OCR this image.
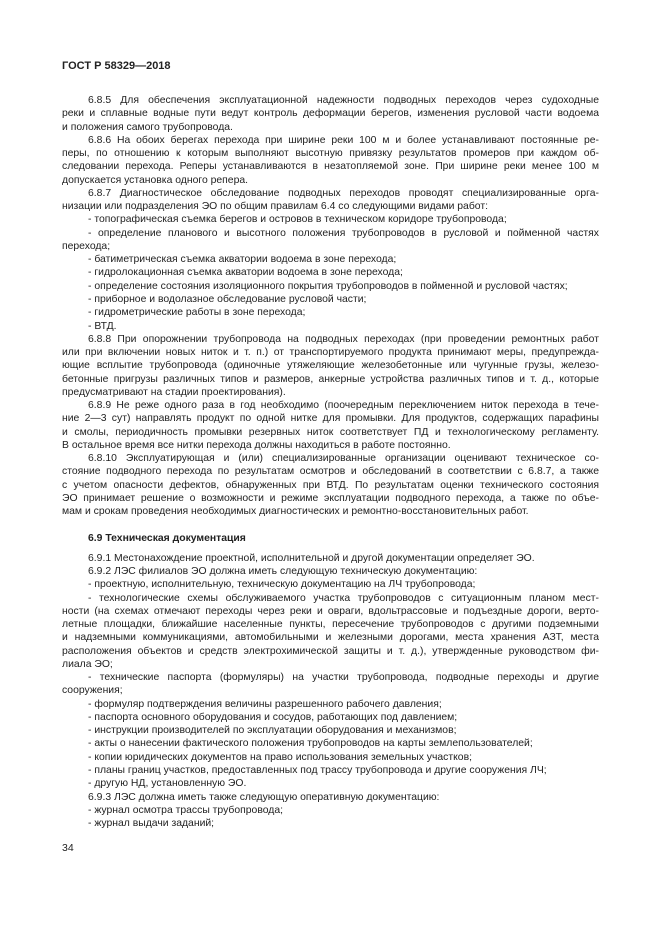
ГОСТ Р 58329—2018
6.8.5 Для обеспечения эксплуатационной надежности подводных переходов через судоходные
реки и сплавные водные пути ведут контроль деформации берегов, изменения русловой части водоема
и положения самого трубопровода.
6.8.6 На обоих берегах перехода при ширине реки 100 м и более устанавливают постоянные ре-
перы, по отношению к которым выполняют высотную привязку результатов промеров при каждом об-
следовании перехода. Реперы устанавливаются в незатопляемой зоне. При ширине реки менее 100 м
допускается установка одного репера.
6.8.7 Диагностическое обследование подводных переходов проводят специализированные орга-
низации или подразделения ЭО по общим правилам 6.4 со следующими видами работ:
- топографическая съемка берегов и островов в техническом коридоре трубопровода;
- определение планового и высотного положения трубопроводов в русловой и пойменной частях
перехода;
- батиметрическая съемка акватории водоема в зоне перехода;
- гидролокационная съемка акватории водоема в зоне перехода;
- определение состояния изоляционного покрытия трубопроводов в пойменной и русловой частях;
- приборное и водолазное обследование русловой части;
- гидрометрические работы в зоне перехода;
- ВТД.
6.8.8 При опорожнении трубопровода на подводных переходах (при проведении ремонтных работ
или при включении новых ниток и т. п.) от транспортируемого продукта принимают меры, предупрежда-
ющие всплытие трубопровода (одиночные утяжеляющие железобетонные или чугунные грузы, железо-
бетонные пригрузы различных типов и размеров, анкерные устройства различных типов и т. д., которые
предусматривают на стадии проектирования).
6.8.9 Не реже одного раза в год необходимо (поочередным переключением ниток перехода в тече-
ние 2—3 сут) направлять продукт по одной нитке для промывки. Для продуктов, содержащих парафины
и смолы, периодичность промывки резервных ниток соответствует ПД и технологическому регламенту.
В остальное время все нитки перехода должны находиться в работе постоянно.
6.8.10 Эксплуатирующая и (или) специализированные организации оценивают техническое со-
стояние подводного перехода по результатам осмотров и обследований в соответствии с 6.8.7, а также
с учетом опасности дефектов, обнаруженных при ВТД. По результатам оценки технического состояния
ЭО принимает решение о возможности и режиме эксплуатации подводного перехода, а также по объе-
мам и срокам проведения необходимых диагностических и ремонтно-восстановительных работ.
6.9 Техническая документация
6.9.1 Местонахождение проектной, исполнительной и другой документации определяет ЭО.
6.9.2 ЛЭС филиалов ЭО должна иметь следующую техническую документацию:
- проектную, исполнительную, техническую документацию на ЛЧ трубопровода;
- технологические схемы обслуживаемого участка трубопроводов с ситуационным планом мест-
ности (на схемах отмечают переходы через реки и овраги, вдольтрассовые и подъездные дороги, верто-
летные площадки, ближайшие населенные пункты, пересечение трубопроводов с другими подземными
и надземными коммуникациями, автомобильными и железными дорогами, места хранения АЗТ, места
расположения объектов и средств электрохимической защиты и т. д.), утвержденные руководством фи-
лиала ЭО;
- технические паспорта (формуляры) на участки трубопровода, подводные переходы и другие
сооружения;
- формуляр подтверждения величины разрешенного рабочего давления;
- паспорта основного оборудования и сосудов, работающих под давлением;
- инструкции производителей по эксплуатации оборудования и механизмов;
- акты о нанесении фактического положения трубопроводов на карты землепользователей;
- копии юридических документов на право использования земельных участков;
- планы границ участков, предоставленных под трассу трубопровода и другие сооружения ЛЧ;
- другую НД, установленную ЭО.
6.9.3 ЛЭС должна иметь также следующую оперативную документацию:
- журнал осмотра трассы трубопровода;
- журнал выдачи заданий;
34
